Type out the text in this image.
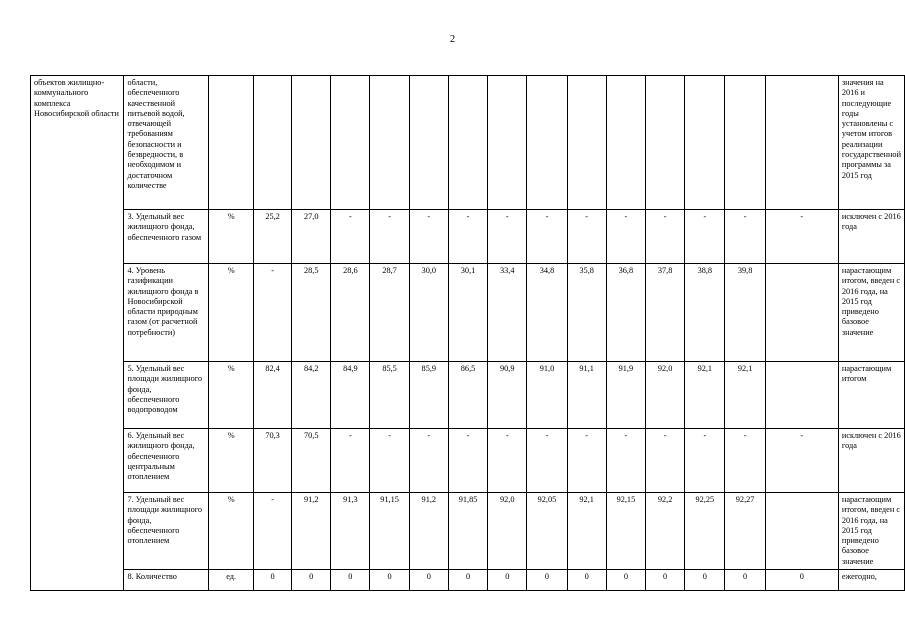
2
объектов жилищно-коммунального комплекса Новосибирской области	области, обеспеченного качественной питьевой водой, отвечающей требованиям безопасности и безвредности, в необходимом и достаточном количестве																значения на 2016 и последующие годы установлены с учетом итогов реализации государственной программы за 2015 год
	3. Удельный вес жилищного фонда, обеспеченного газом	%	25,2	27,0	-	-	-	-	-	-	-	-	-	-	-	-	исключен с 2016 года
	4. Уровень газификации жилищного фонда в Новосибирской области природным газом (от расчетной потребности)	%	-	28,5	28,6	28,7	30,0	30,1	33,4	34,8	35,8	36,8	37,8	38,8	39,8		нарастающим итогом, введен с 2016 года, на 2015 год приведено базовое значение
	5. Удельный вес площади жилищного фонда, обеспеченного водопроводом	%	82,4	84,2	84,9	85,5	85,9	86,5	90,9	91,0	91,1	91,9	92,0	92,1	92,1		нарастающим итогом
	6. Удельный вес жилищного фонда, обеспеченного центральным отоплением	%	70,3	70,5	-	-	-	-	-	-	-	-	-	-	-	-	исключен с 2016 года
	7. Удельный вес площади жилищного фонда, обеспеченного отоплением	%	-	91,2	91,3	91,15	91,2	91,85	92,0	92,05	92,1	92,15	92,2	92,25	92,27		нарастающим итогом, введен с 2016 года, на 2015 год приведено базовое значение
	8. Количество	ед.	0	0	0	0	0	0	0	0	0	0	0	0	0	0	ежегодно,
